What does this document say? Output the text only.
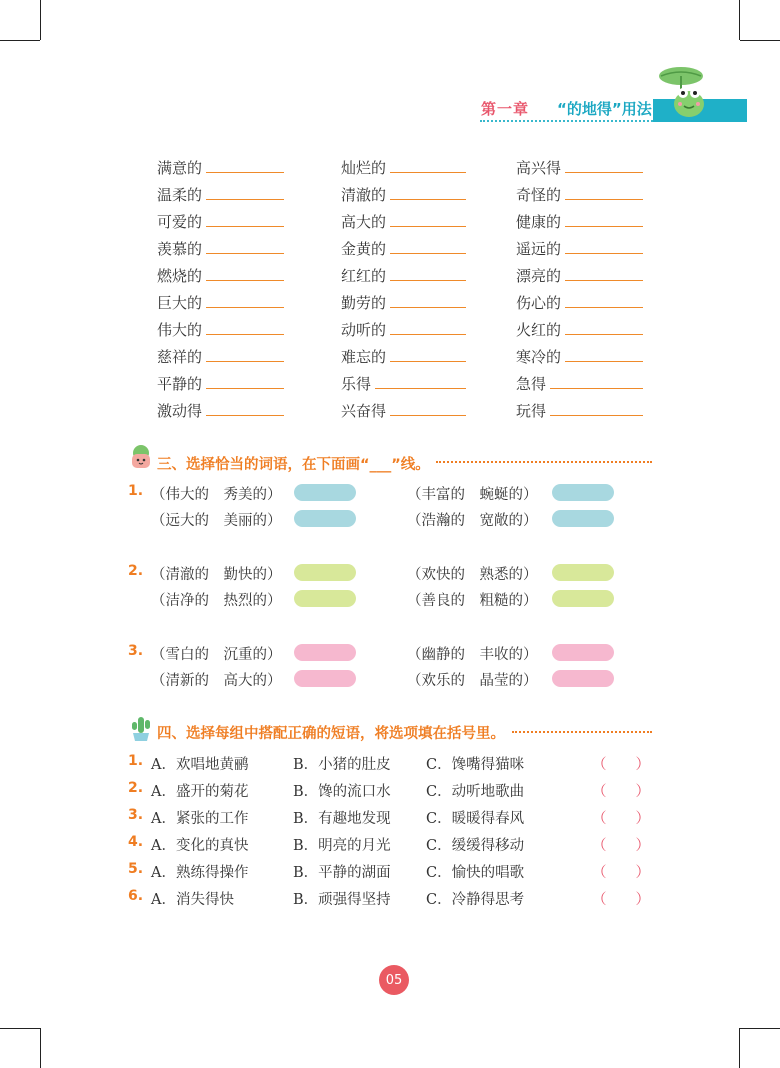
第一章 “的地得”用法
满意的	灿烂的	高兴得
温柔的	清澈的	奇怪的
可爱的	高大的	健康的
羡慕的	金黄的	遥远的
燃烧的	红红的	漂亮的
巨大的	勤劳的	伤心的
伟大的	动听的	火红的
慈祥的	难忘的	寒冷的
平静的	乐得	急得
激动得	兴奋得	玩得
三、选择恰当的词语，在下面画“___”线。
1. （伟大的　秀美的）	（丰富的　蜿蜒的）
（远大的　美丽的）	（浩瀚的　宽敞的）
2. （清澈的　勤快的）	（欢快的　熟悉的）
（洁净的　热烈的）	（善良的　粗糙的）
3. （雪白的　沉重的）	（幽静的　丰收的）
（清新的　高大的）	（欢乐的　晶莹的）
四、选择每组中搭配正确的短语，将选项填在括号里。
1. A．欢唱地黄鹂	B．小猪的肚皮 C．馋嘴得猫咪	（　　）
2. A．盛开的菊花	B．馋的流口水 C．动听地歌曲	（　　）
3. A．紧张的工作	B．有趣地发现 C．暖暖得春风	（　　）
4. A．变化的真快	B．明亮的月光 C．缓缓得移动	（　　）
5. A．熟练得操作	B．平静的湖面 C．愉快的唱歌	（　　）
6. A．消失得快	B．顽强得坚持 C．冷静得思考	（　　）
05
